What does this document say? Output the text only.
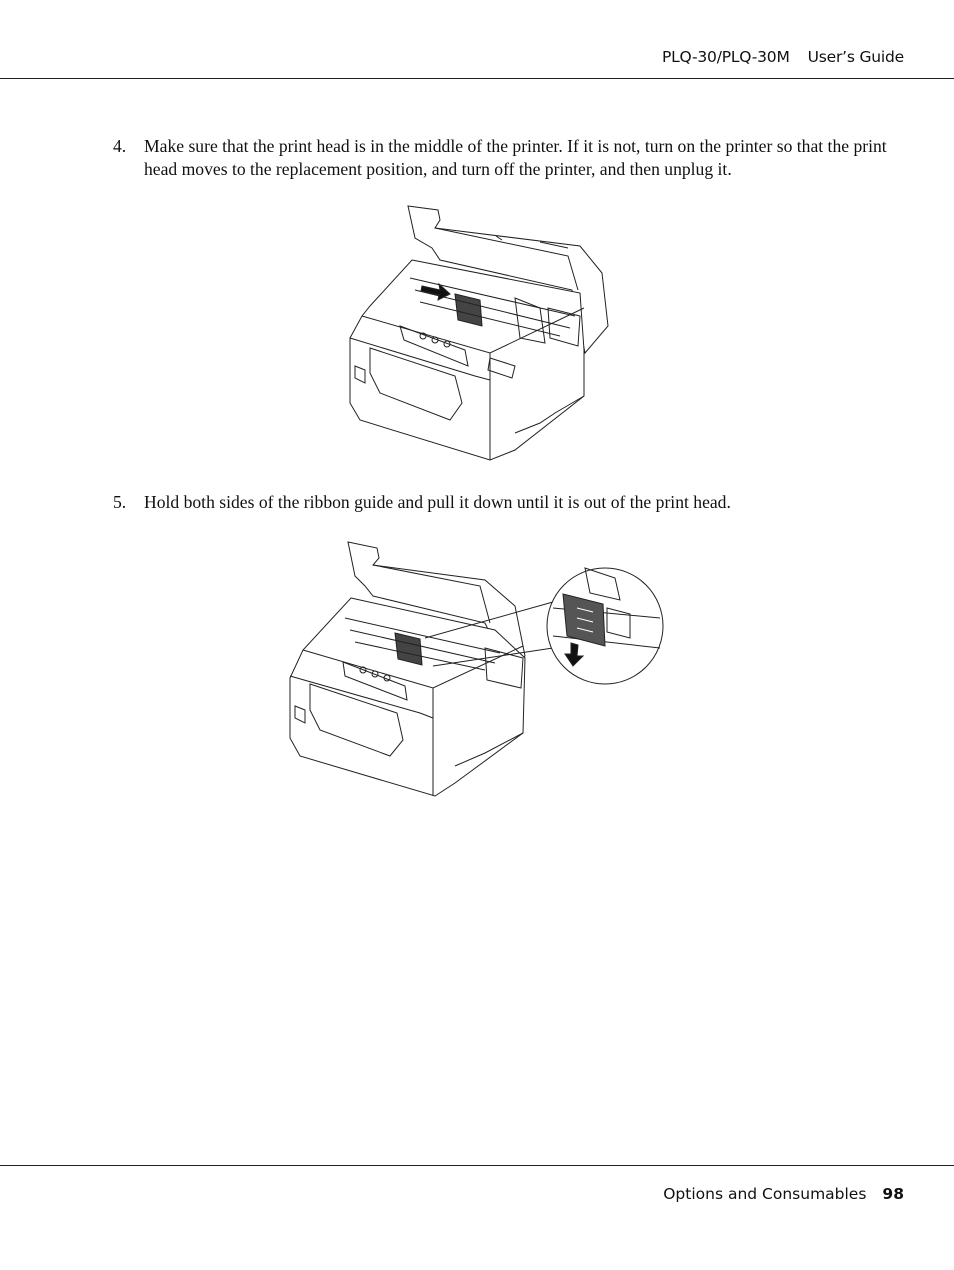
PLQ-30/PLQ-30M User’s Guide
4.	Make sure that the print head is in the middle of the printer. If it is not, turn on the printer so that the print head moves to the replacement position, and turn off the printer, and then unplug it.
5.	Hold both sides of the ribbon guide and pull it down until it is out of the print head.
Options and Consumables 98
